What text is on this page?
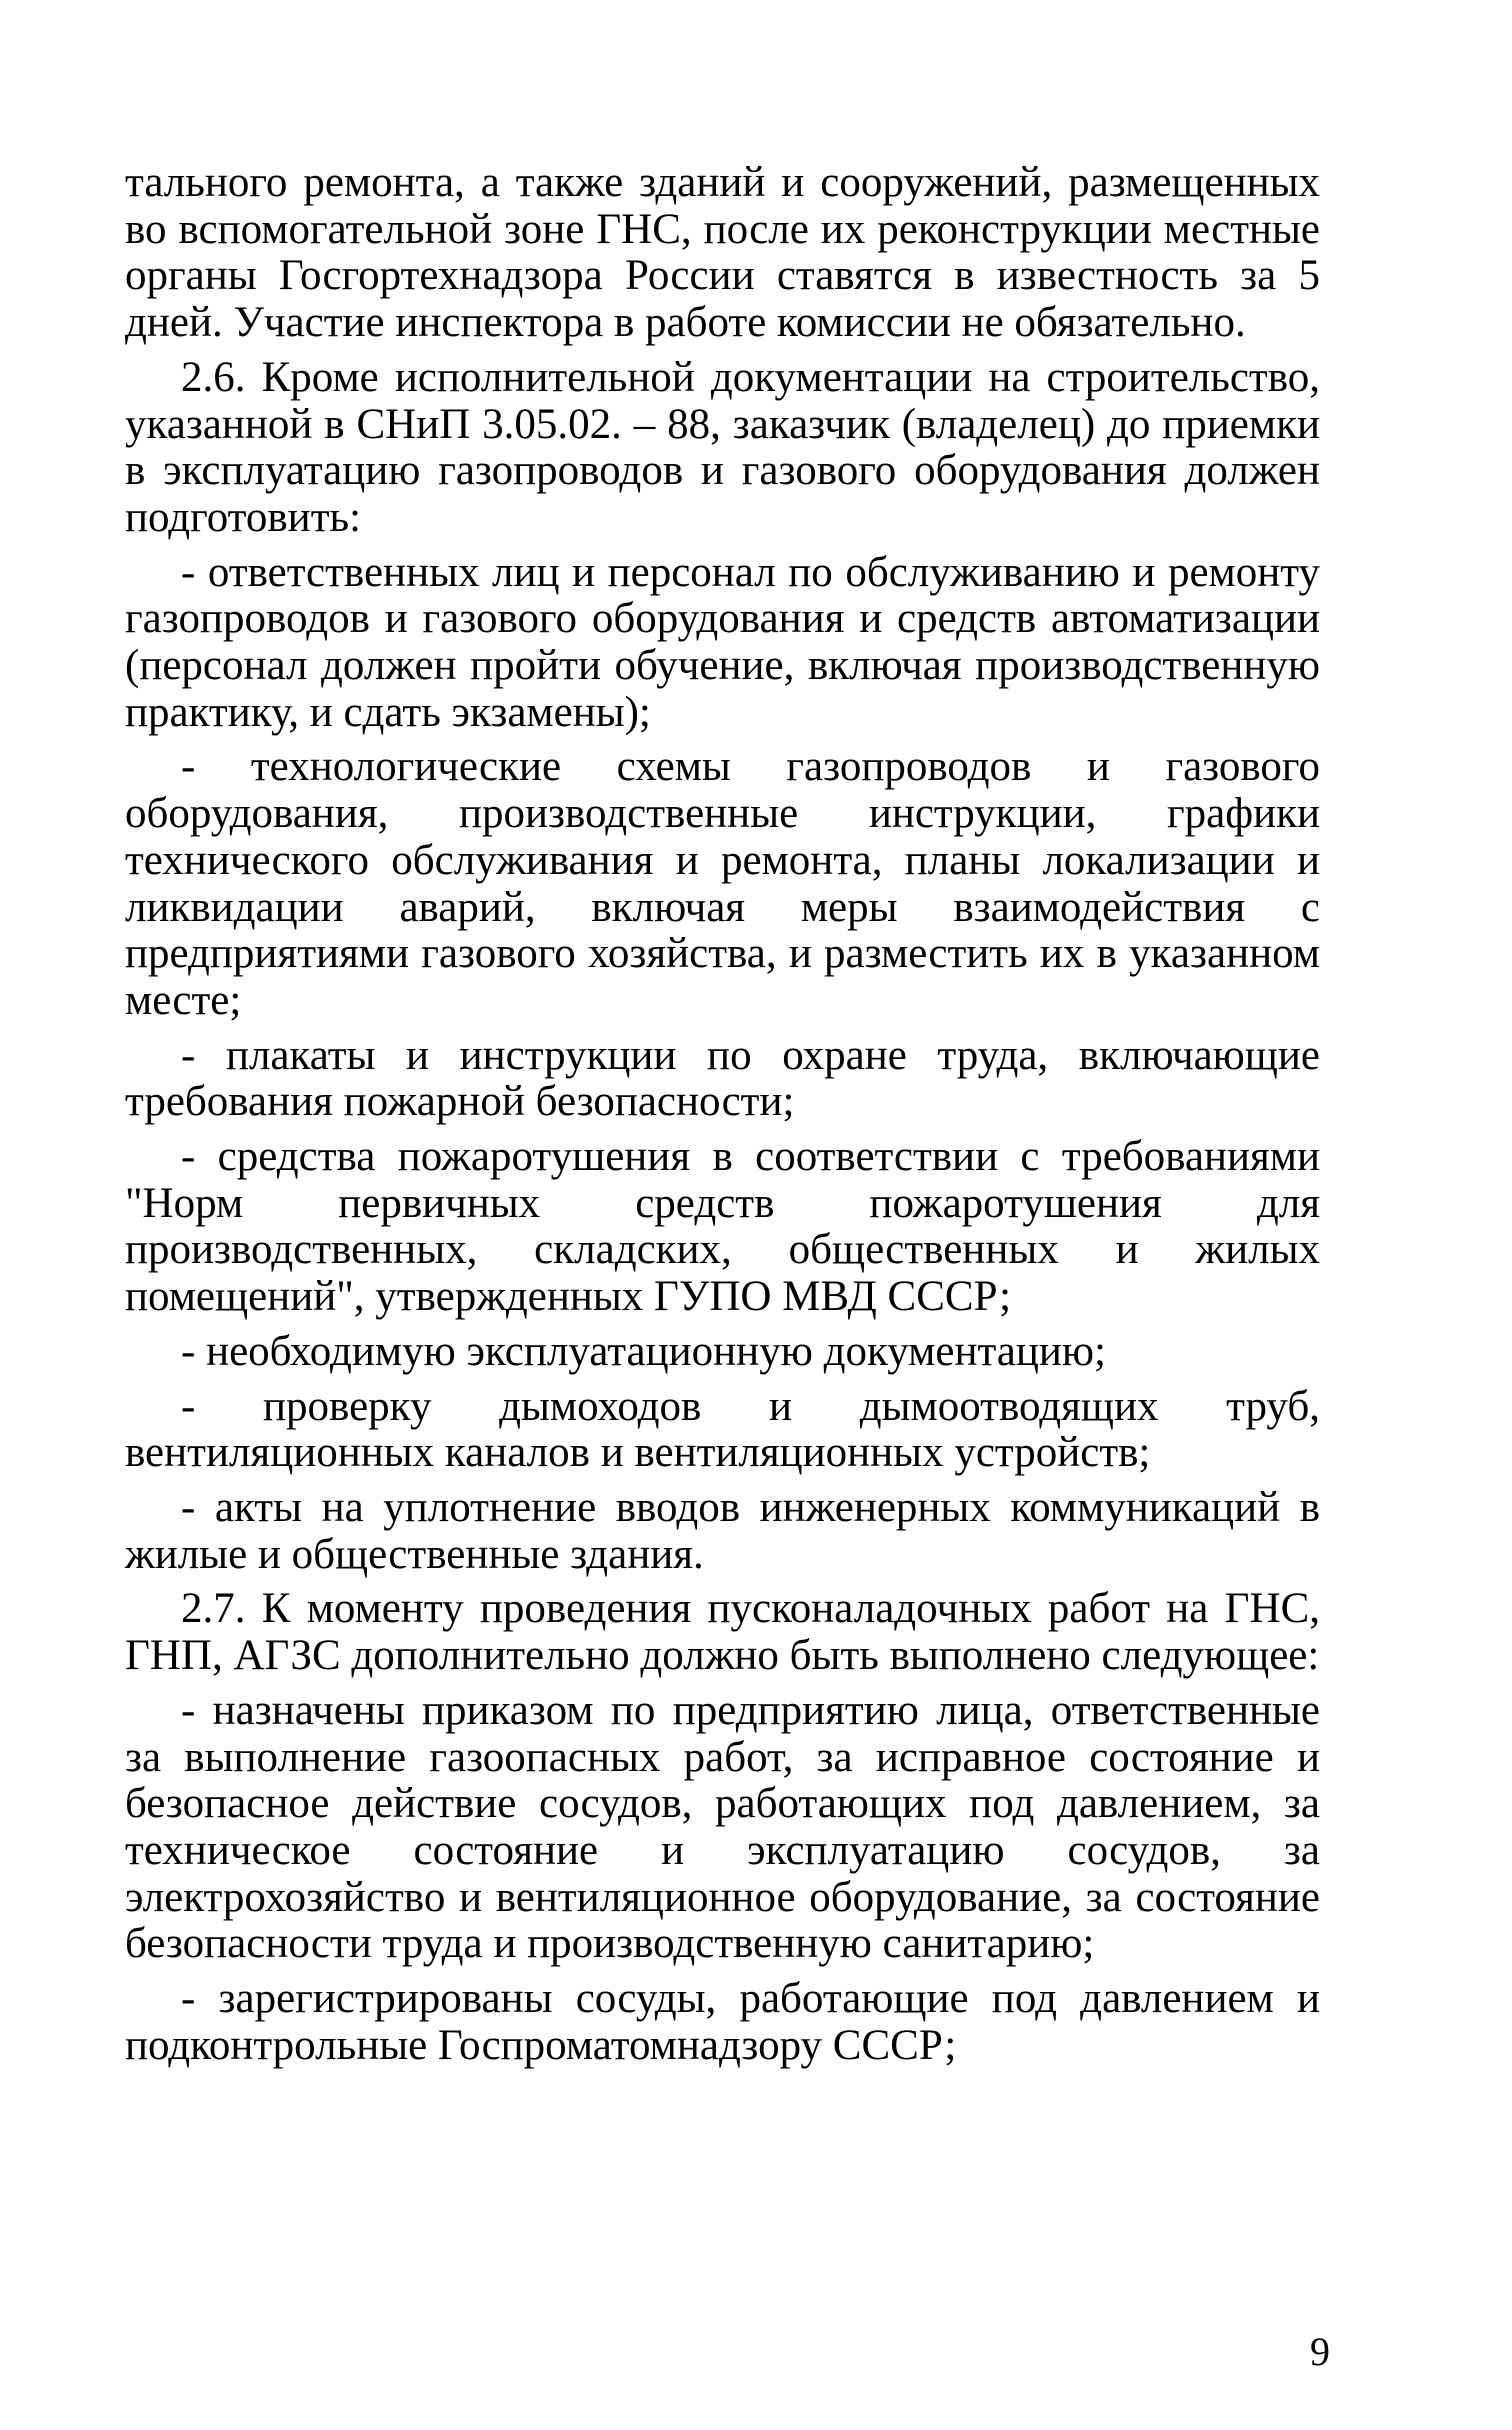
тального ремонта, а также зданий и сооружений, размещенных во вспомогательной зоне ГНС, после их реконструкции местные органы Госгортехнадзора России ставятся в известность за 5 дней. Участие инспектора в работе комиссии не обязательно.

2.6. Кроме исполнительной документации на строительство, указанной в СНиП 3.05.02. – 88, заказчик (владелец) до приемки в эксплуатацию газопроводов и газового оборудования должен подготовить:

- ответственных лиц и персонал по обслуживанию и ремонту газопроводов и газового оборудования и средств автоматизации (персонал должен пройти обучение, включая производственную практику, и сдать экзамены);

- технологические схемы газопроводов и газового оборудования, производственные инструкции, графики технического обслуживания и ремонта, планы локализации и ликвидации аварий, включая меры взаимодействия с предприятиями газового хозяйства, и разместить их в указанном месте;

- плакаты и инструкции по охране труда, включающие требования пожарной безопасности;

- средства пожаротушения в соответствии с требованиями "Норм первичных средств пожаротушения для производственных, складских, общественных и жилых помещений", утвержденных ГУПО МВД СССР;

- необходимую эксплуатационную документацию;

- проверку дымоходов и дымоотводящих труб, вентиляционных каналов и вентиляционных устройств;

- акты на уплотнение вводов инженерных коммуникаций в жилые и общественные здания.

2.7. К моменту проведения пусконаладочных работ на ГНС, ГНП, АГЗС дополнительно должно быть выполнено следующее:

- назначены приказом по предприятию лица, ответственные за выполнение газоопасных работ, за исправное состояние и безопасное действие сосудов, работающих под давлением, за техническое состояние и эксплуатацию сосудов, за электрохозяйство и вентиляционное оборудование, за состояние безопасности труда и производственную санитарию;

- зарегистрированы сосуды, работающие под давлением и подконтрольные Госпроматомнадзору СССР;

9
